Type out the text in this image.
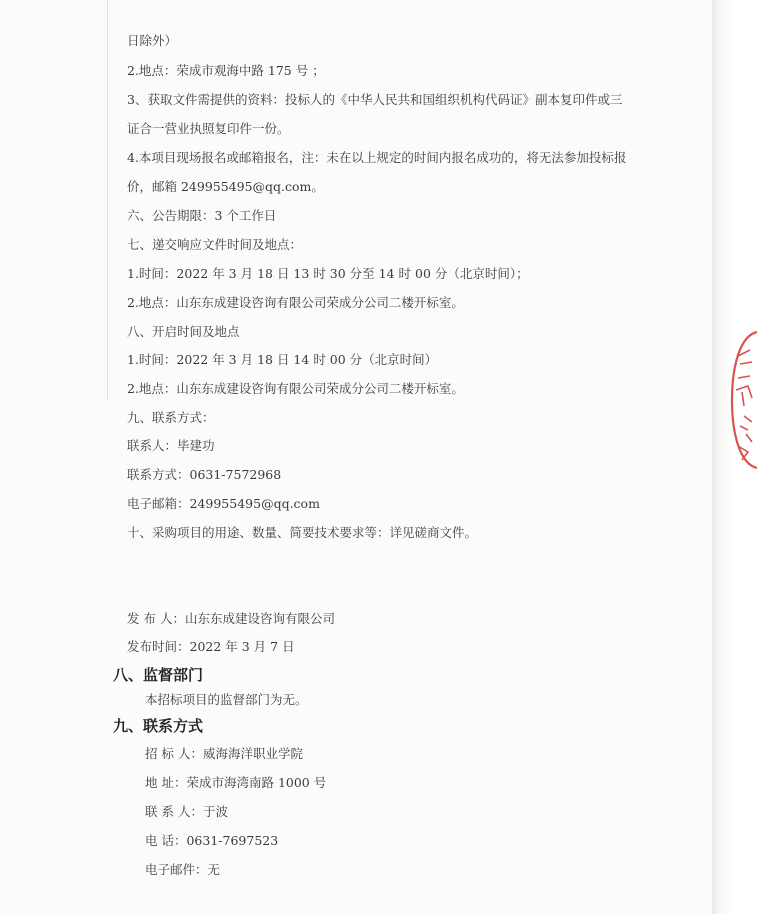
日除外）
2.地点：荣成市观海中路 175 号 ；
3、获取文件需提供的资料：投标人的《中华人民共和国组织机构代码证》副本复印件或三
证合一营业执照复印件一份。
4.本项目现场报名或邮箱报名，注：未在以上规定的时间内报名成功的，将无法参加投标报
价，邮箱 249955495@qq.com。
六、公告期限：3 个工作日
七、递交响应文件时间及地点：
1.时间：2022 年 3 月 18 日 13 时 30 分至 14 时 00 分（北京时间）；
2.地点：山东东成建设咨询有限公司荣成分公司二楼开标室。
八、开启时间及地点
1.时间：2022 年 3 月 18 日 14 时 00 分（北京时间）
2.地点：山东东成建设咨询有限公司荣成分公司二楼开标室。
九、联系方式：
联系人：毕建功
联系方式：0631-7572968
电子邮箱：249955495@qq.com
十、采购项目的用途、数量、简要技术要求等：详见磋商文件。
发 布 人：山东东成建设咨询有限公司
发布时间：2022 年 3 月 7 日
八、监督部门
本招标项目的监督部门为无。
九、联系方式
招 标 人：威海海洋职业学院
地 址：荣成市海湾南路 1000 号
联 系 人：于波
电 话：0631-7697523
电子邮件：无
